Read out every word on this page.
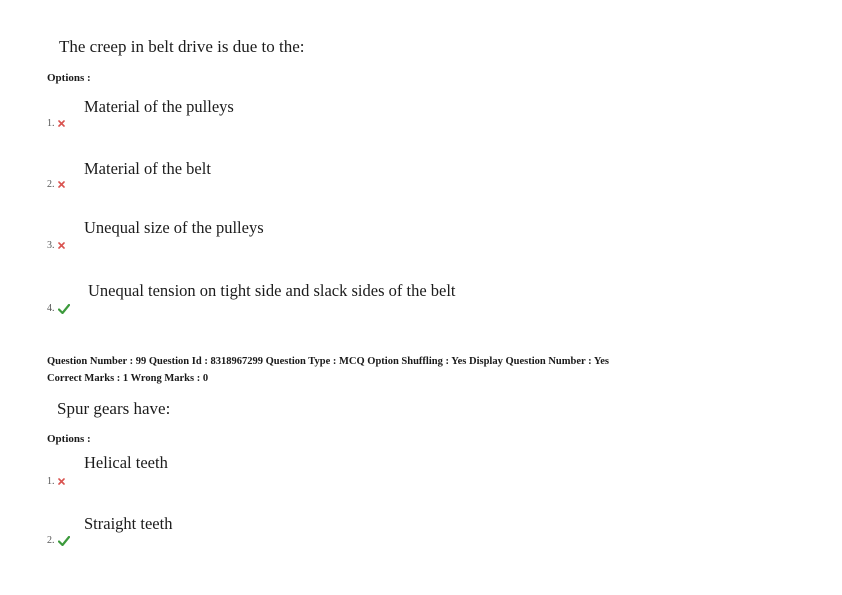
The creep in belt drive is due to the:
Options :
Material of the pulleys
1.
Material of the belt
2.
Unequal size of the pulleys
3.
Unequal tension on tight side and slack sides of the belt
4.
Question Number : 99 Question Id : 8318967299 Question Type : MCQ Option Shuffling : Yes Display Question Number : Yes
Correct Marks : 1 Wrong Marks : 0
Spur gears have:
Options :
Helical teeth
1.
Straight teeth
2.
